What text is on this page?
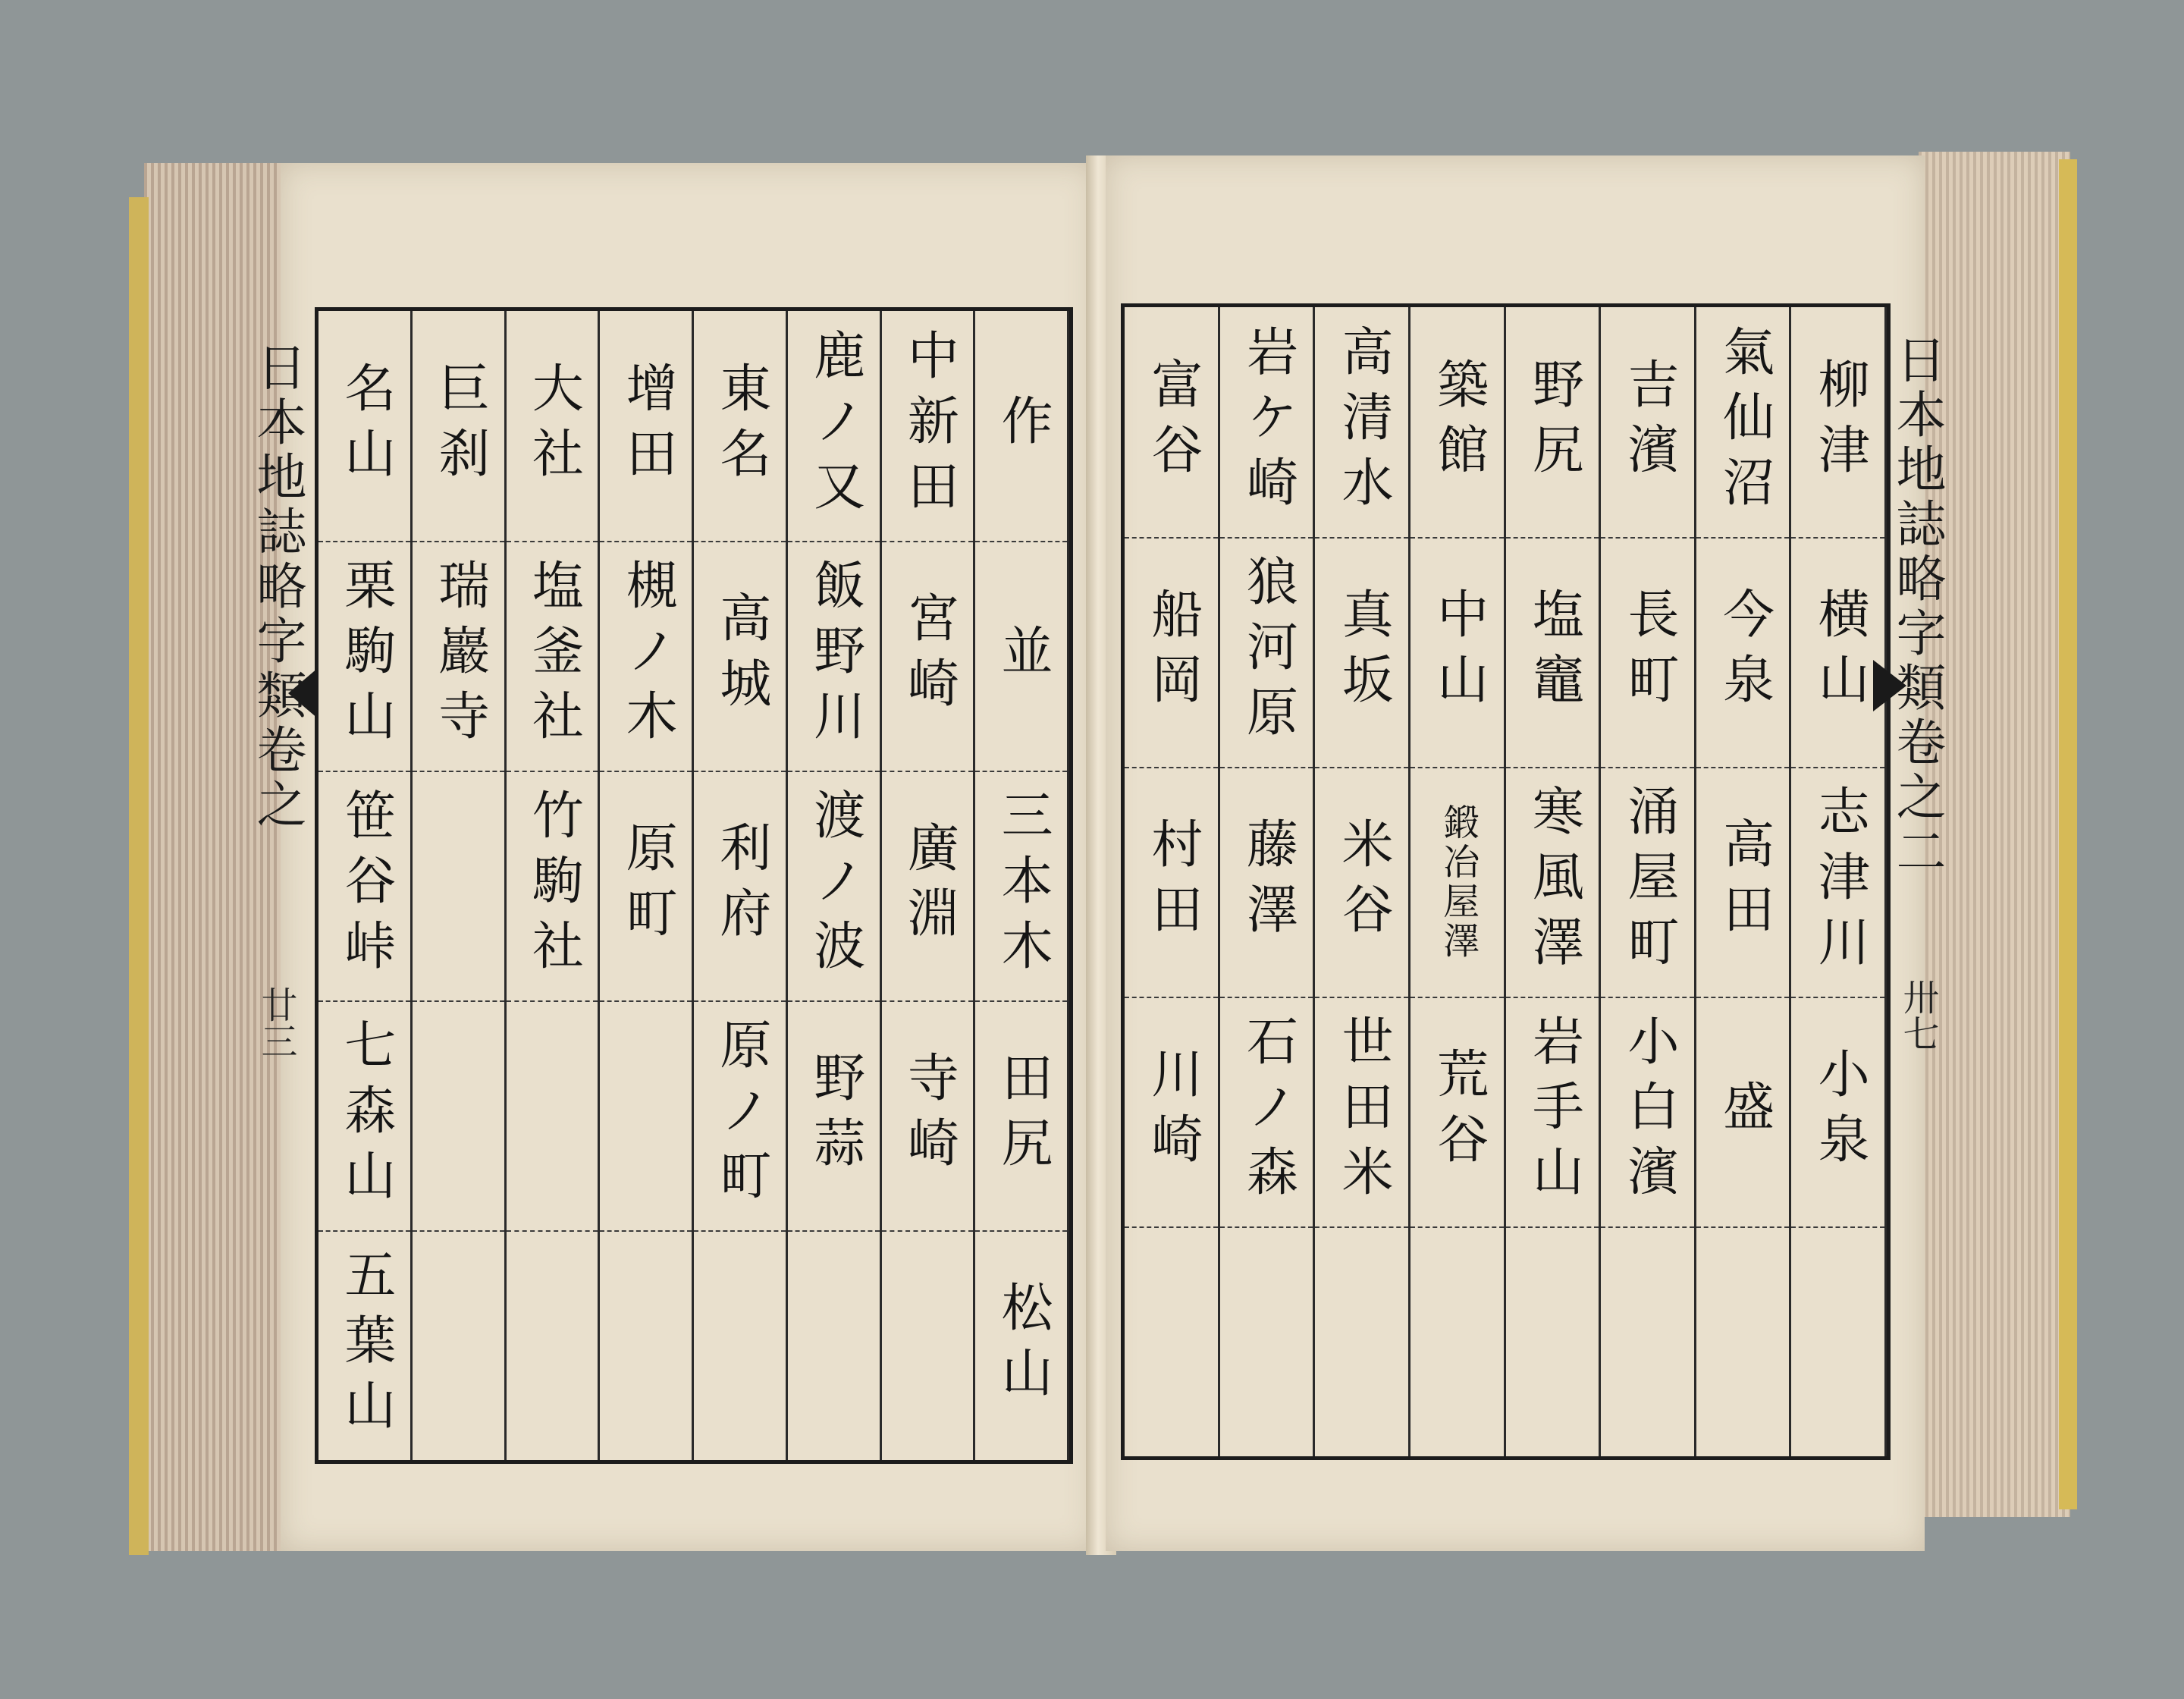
作
並
三本木
田尻
松山
中新田
宮崎
廣淵
寺崎
鹿ノ又
飯野川
渡ノ波
野蒜
東名
高城
利府
原ノ町
增田
槻ノ木
原町
大社
塩釜社
竹駒社
巨刹
瑞巖寺
名山
栗駒山
笹谷峠
七森山
五葉山
柳津
横山
志津川
小泉
氣仙沼
今泉
高田
盛
吉濱
長町
涌屋町
小白濱
野尻
塩竈
寒風澤
岩手山
築館
中山
鍛冶屋澤
荒谷
高清水
真坂
米谷
世田米
岩ケ崎
狼河原
藤澤
石ノ森
富谷
船岡
村田
川崎
日本地誌略字類卷之
廿三
日本地誌略字類卷之二
卅七
